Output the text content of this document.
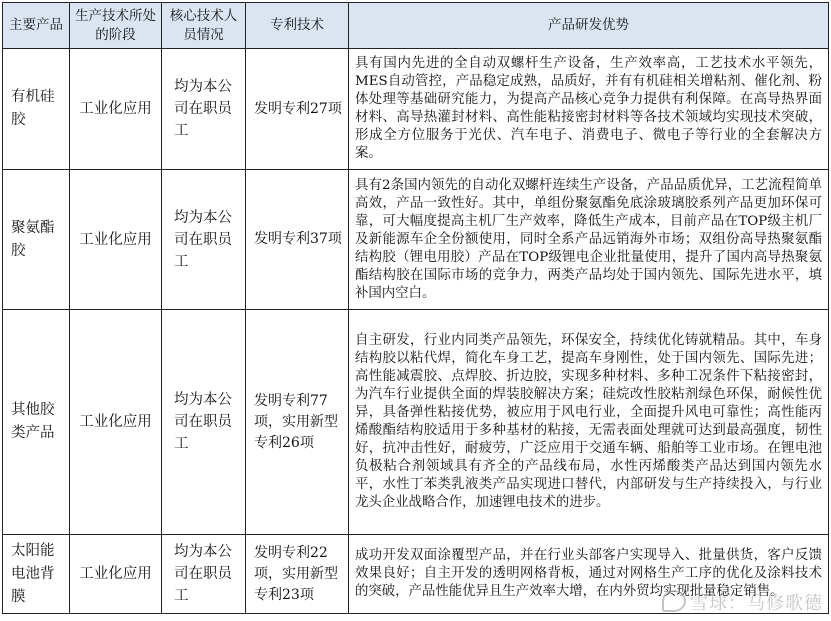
主要产品	生产技术所处的阶段	核心技术人员情况	专利技术	产品研发优势
有机硅胶	工业化应用	均为本公司在职员工	发明专利27项	具有国内先进的全自动双螺杆生产设备，生产效率高，工艺技术水平领先，MES自动管控，产品稳定成熟，品质好，并有有机硅相关增粘剂、催化剂、粉体处理等基础研究能力，为提高产品核心竞争力提供有利保障。在高导热界面材料、高导热灌封材料、高性能粘接密封材料等各技术领域均实现技术突破，形成全方位服务于光伏、汽车电子、消费电子、微电子等行业的全套解决方案。
聚氨酯胶	工业化应用	均为本公司在职员工	发明专利37项	具有2条国内领先的自动化双螺杆连续生产设备，产品品质优异，工艺流程简单高效，产品一致性好。其中，单组份聚氨酯免底涂玻璃胶系列产品更加环保可靠，可大幅度提高主机厂生产效率，降低生产成本，目前产品在TOP级主机厂及新能源车企全份额使用，同时全系产品远销海外市场；双组份高导热聚氨酯结构胶（锂电用胶）产品在TOP级锂电企业批量使用，提升了国内高导热聚氨酯结构胶在国际市场的竞争力，两类产品均处于国内领先、国际先进水平，填补国内空白。
其他胶类产品	工业化应用	均为本公司在职员工	发明专利77项，实用新型专利26项	自主研发，行业内同类产品领先，环保安全，持续优化铸就精品。其中，车身结构胶以粘代焊，简化车身工艺，提高车身刚性，处于国内领先、国际先进；高性能减震胶、点焊胶、折边胶，实现多种材料、多种工况条件下粘接密封，为汽车行业提供全面的焊装胶解决方案；硅烷改性胶粘剂绿色环保，耐候性优异，具备弹性粘接优势，被应用于风电行业，全面提升风电可靠性；高性能丙烯酸酯结构胶适用于多种基材的粘接，无需表面处理就可达到最高强度，韧性好，抗冲击性好，耐疲劳，广泛应用于交通车辆、船舶等工业市场。在锂电池负极粘合剂领域具有齐全的产品线布局，水性丙烯酸类产品达到国内领先水平，水性丁苯类乳液类产品实现进口替代，内部研发与生产持续投入，与行业龙头企业战略合作，加速锂电技术的进步。
太阳能电池背膜	工业化应用	均为本公司在职员工	发明专利22项，实用新型专利23项	成功开发双面涂覆型产品，并在行业头部客户实现导入、批量供货，客户反馈效果良好；自主开发的透明网格背板，通过对网格生产工序的优化及涂料技术的突破，产品性能优异且生产效率大增，在内外贸均实现批量稳定销售。
雪球：马修歌德
